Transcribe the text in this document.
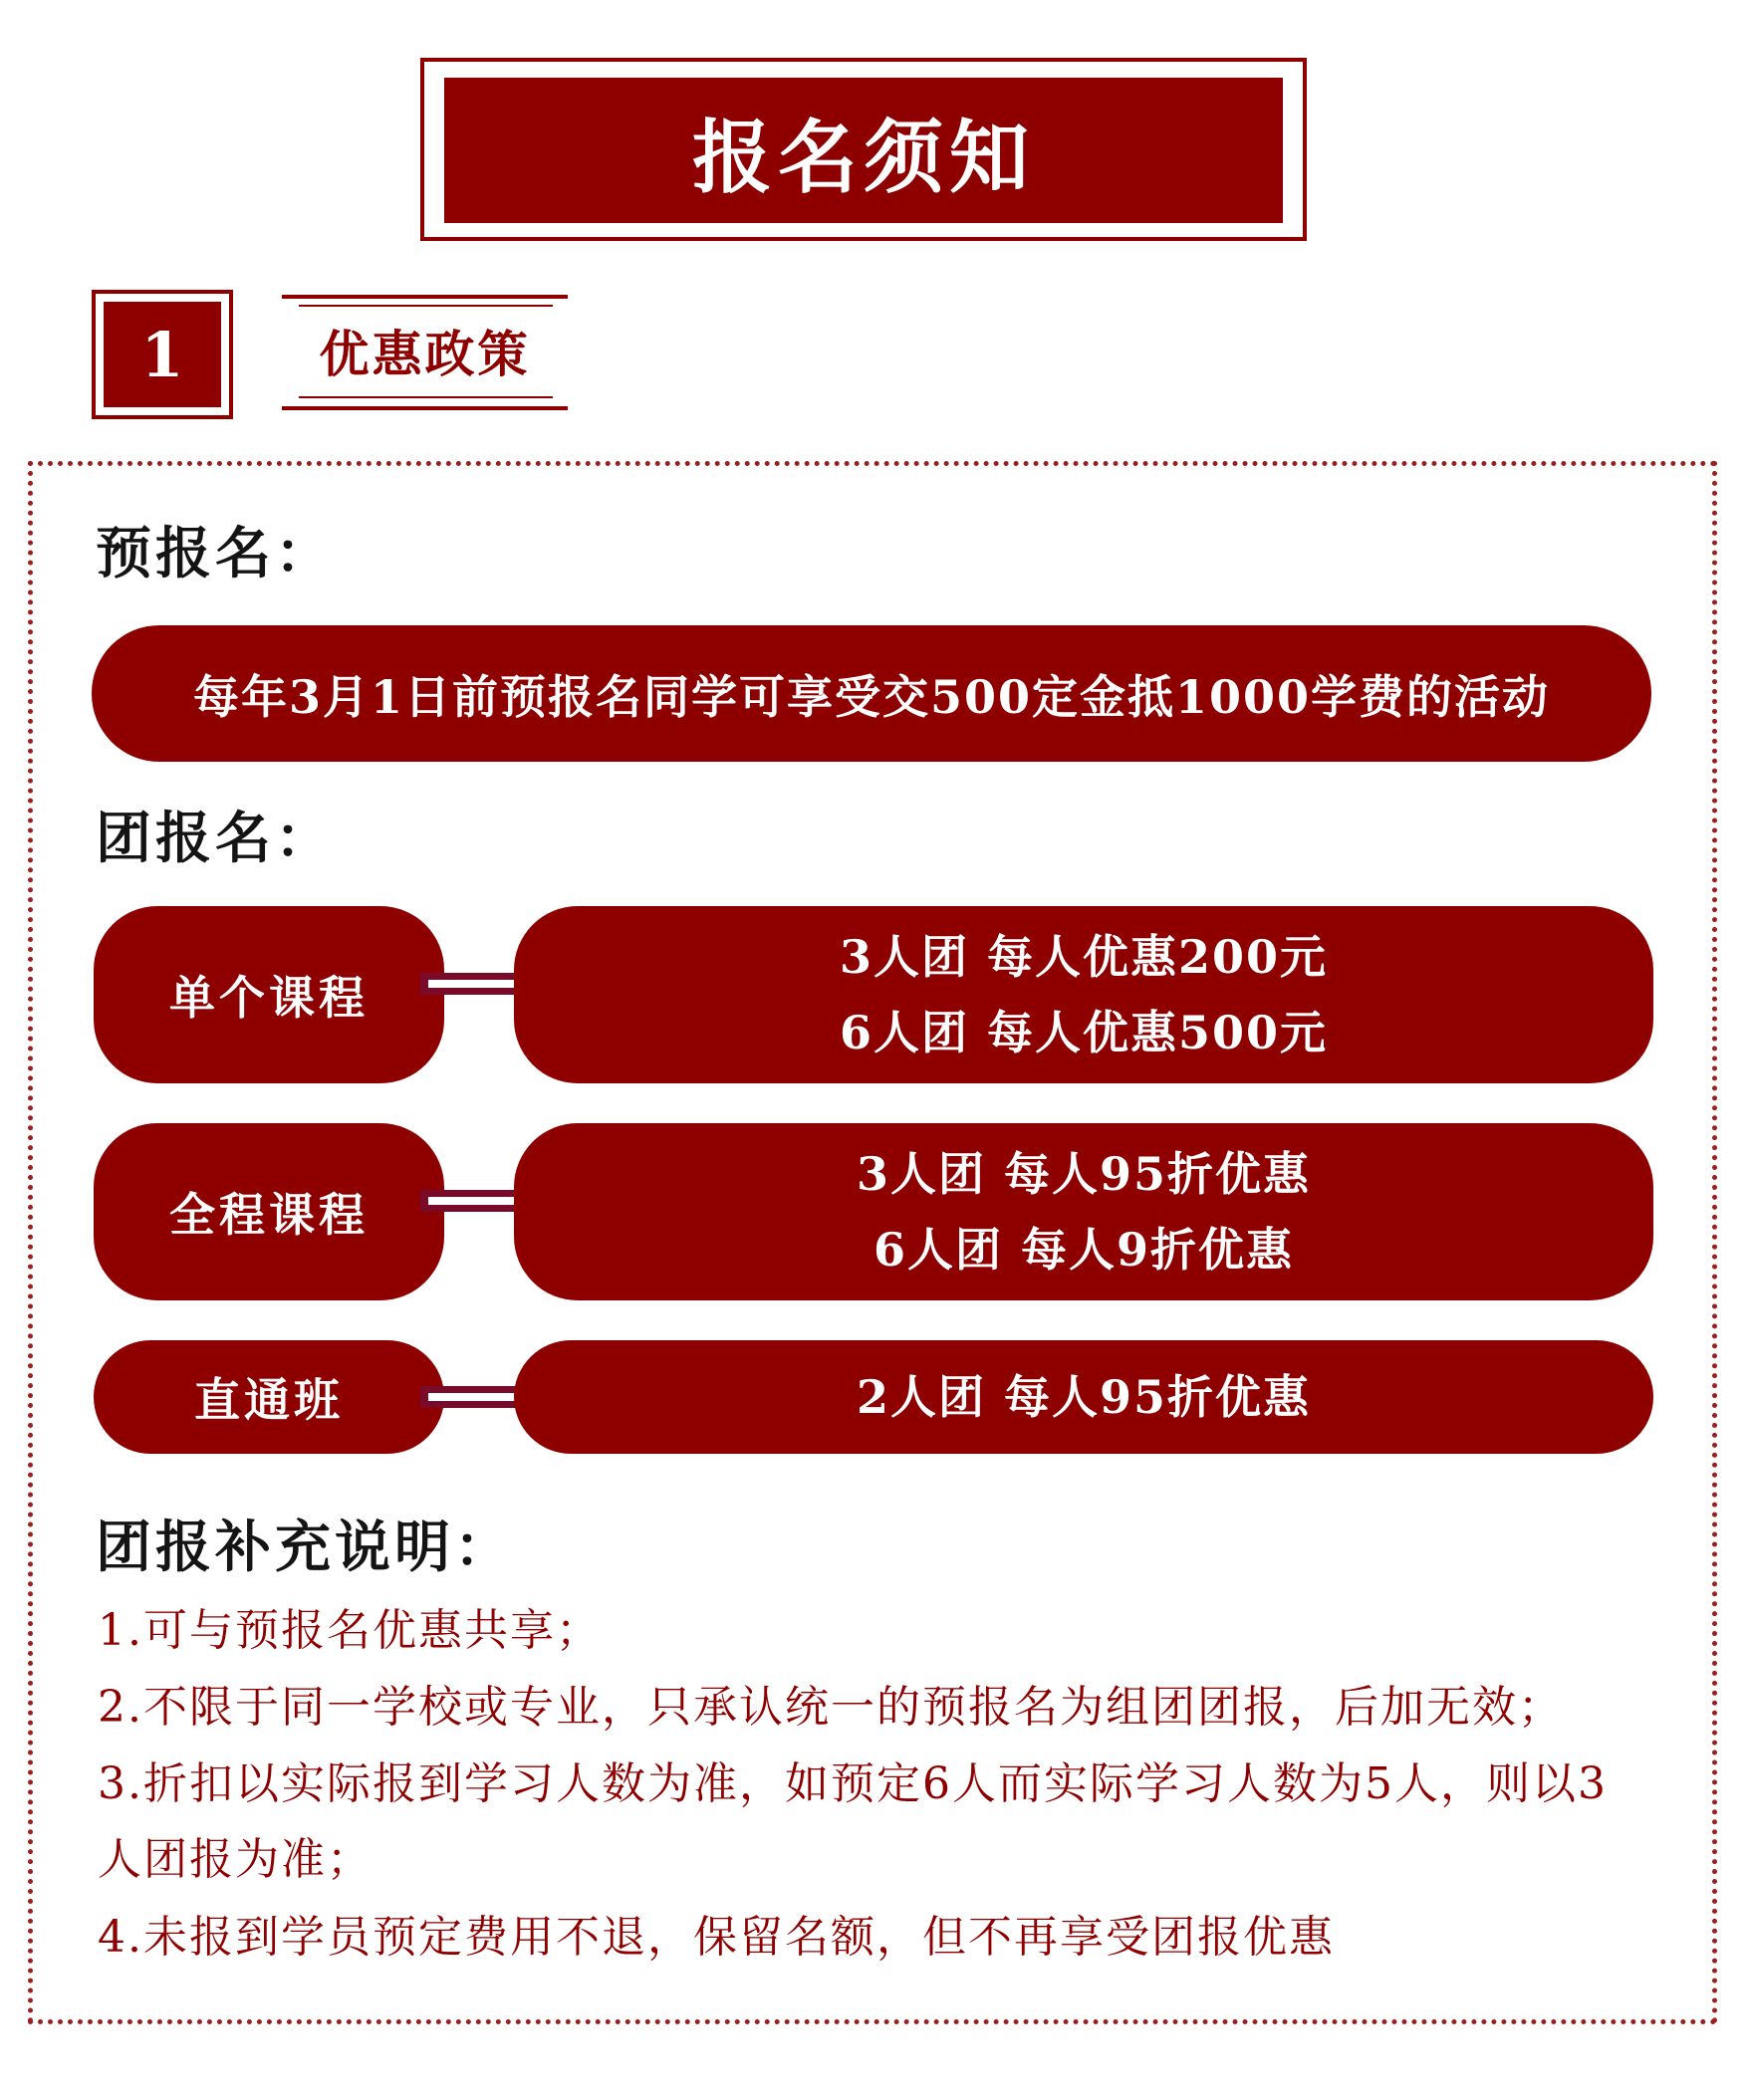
报名须知
1	优惠政策
预报名：
每年3月1日前预报名同学可享受交500定金抵1000学费的活动
团报名：
单个课程
3人团 每人优惠200元
6人团 每人优惠500元
全程课程
3人团 每人95折优惠
6人团 每人9折优惠
直通班	2人团 每人95折优惠
团报补充说明：
1.可与预报名优惠共享；
2.不限于同一学校或专业，只承认统一的预报名为组团团报，后加无效；
3.折扣以实际报到学习人数为准，如预定6人而实际学习人数为5人，则以3人团报为准；
4.未报到学员预定费用不退，保留名额，但不再享受团报优惠
